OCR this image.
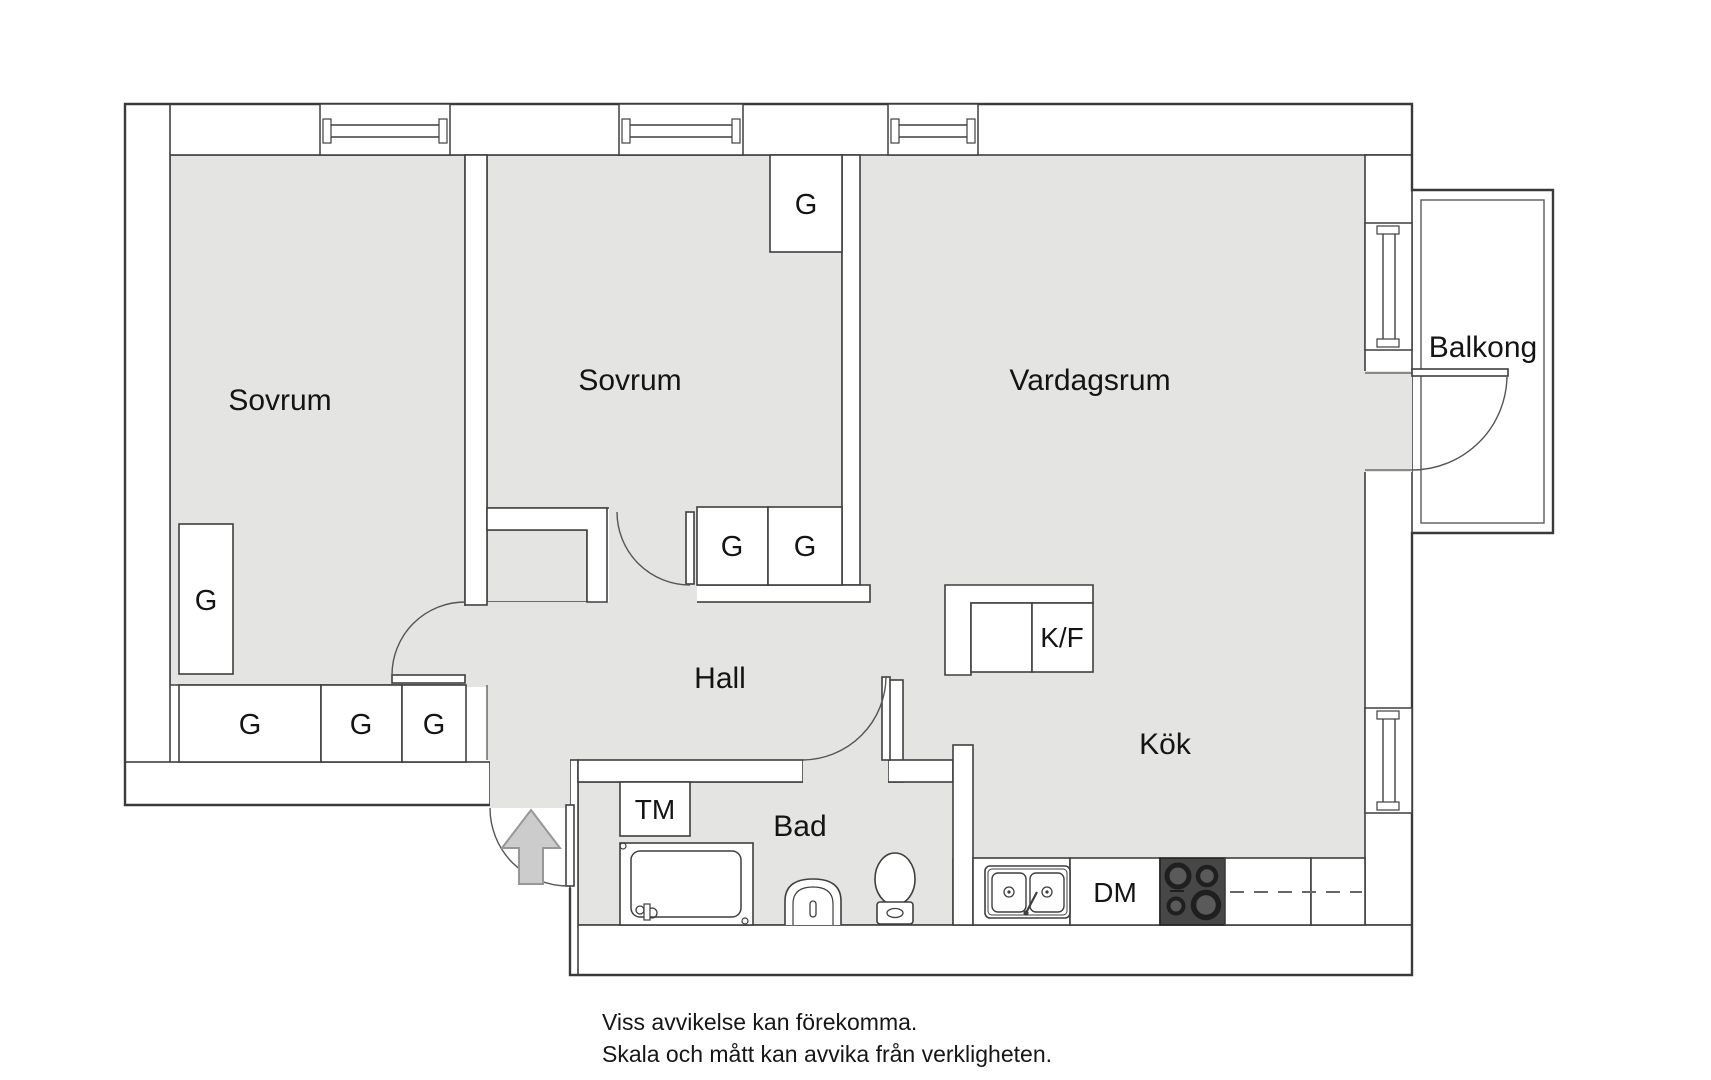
Sovrum
Sovrum	Vardagsrum
Balkong
Hall
Kök
Bad
G
G	G G
G
G G
K/F
TM
DM
Viss avvikelse kan förekomma.
Skala och mått kan avvika från verkligheten.
